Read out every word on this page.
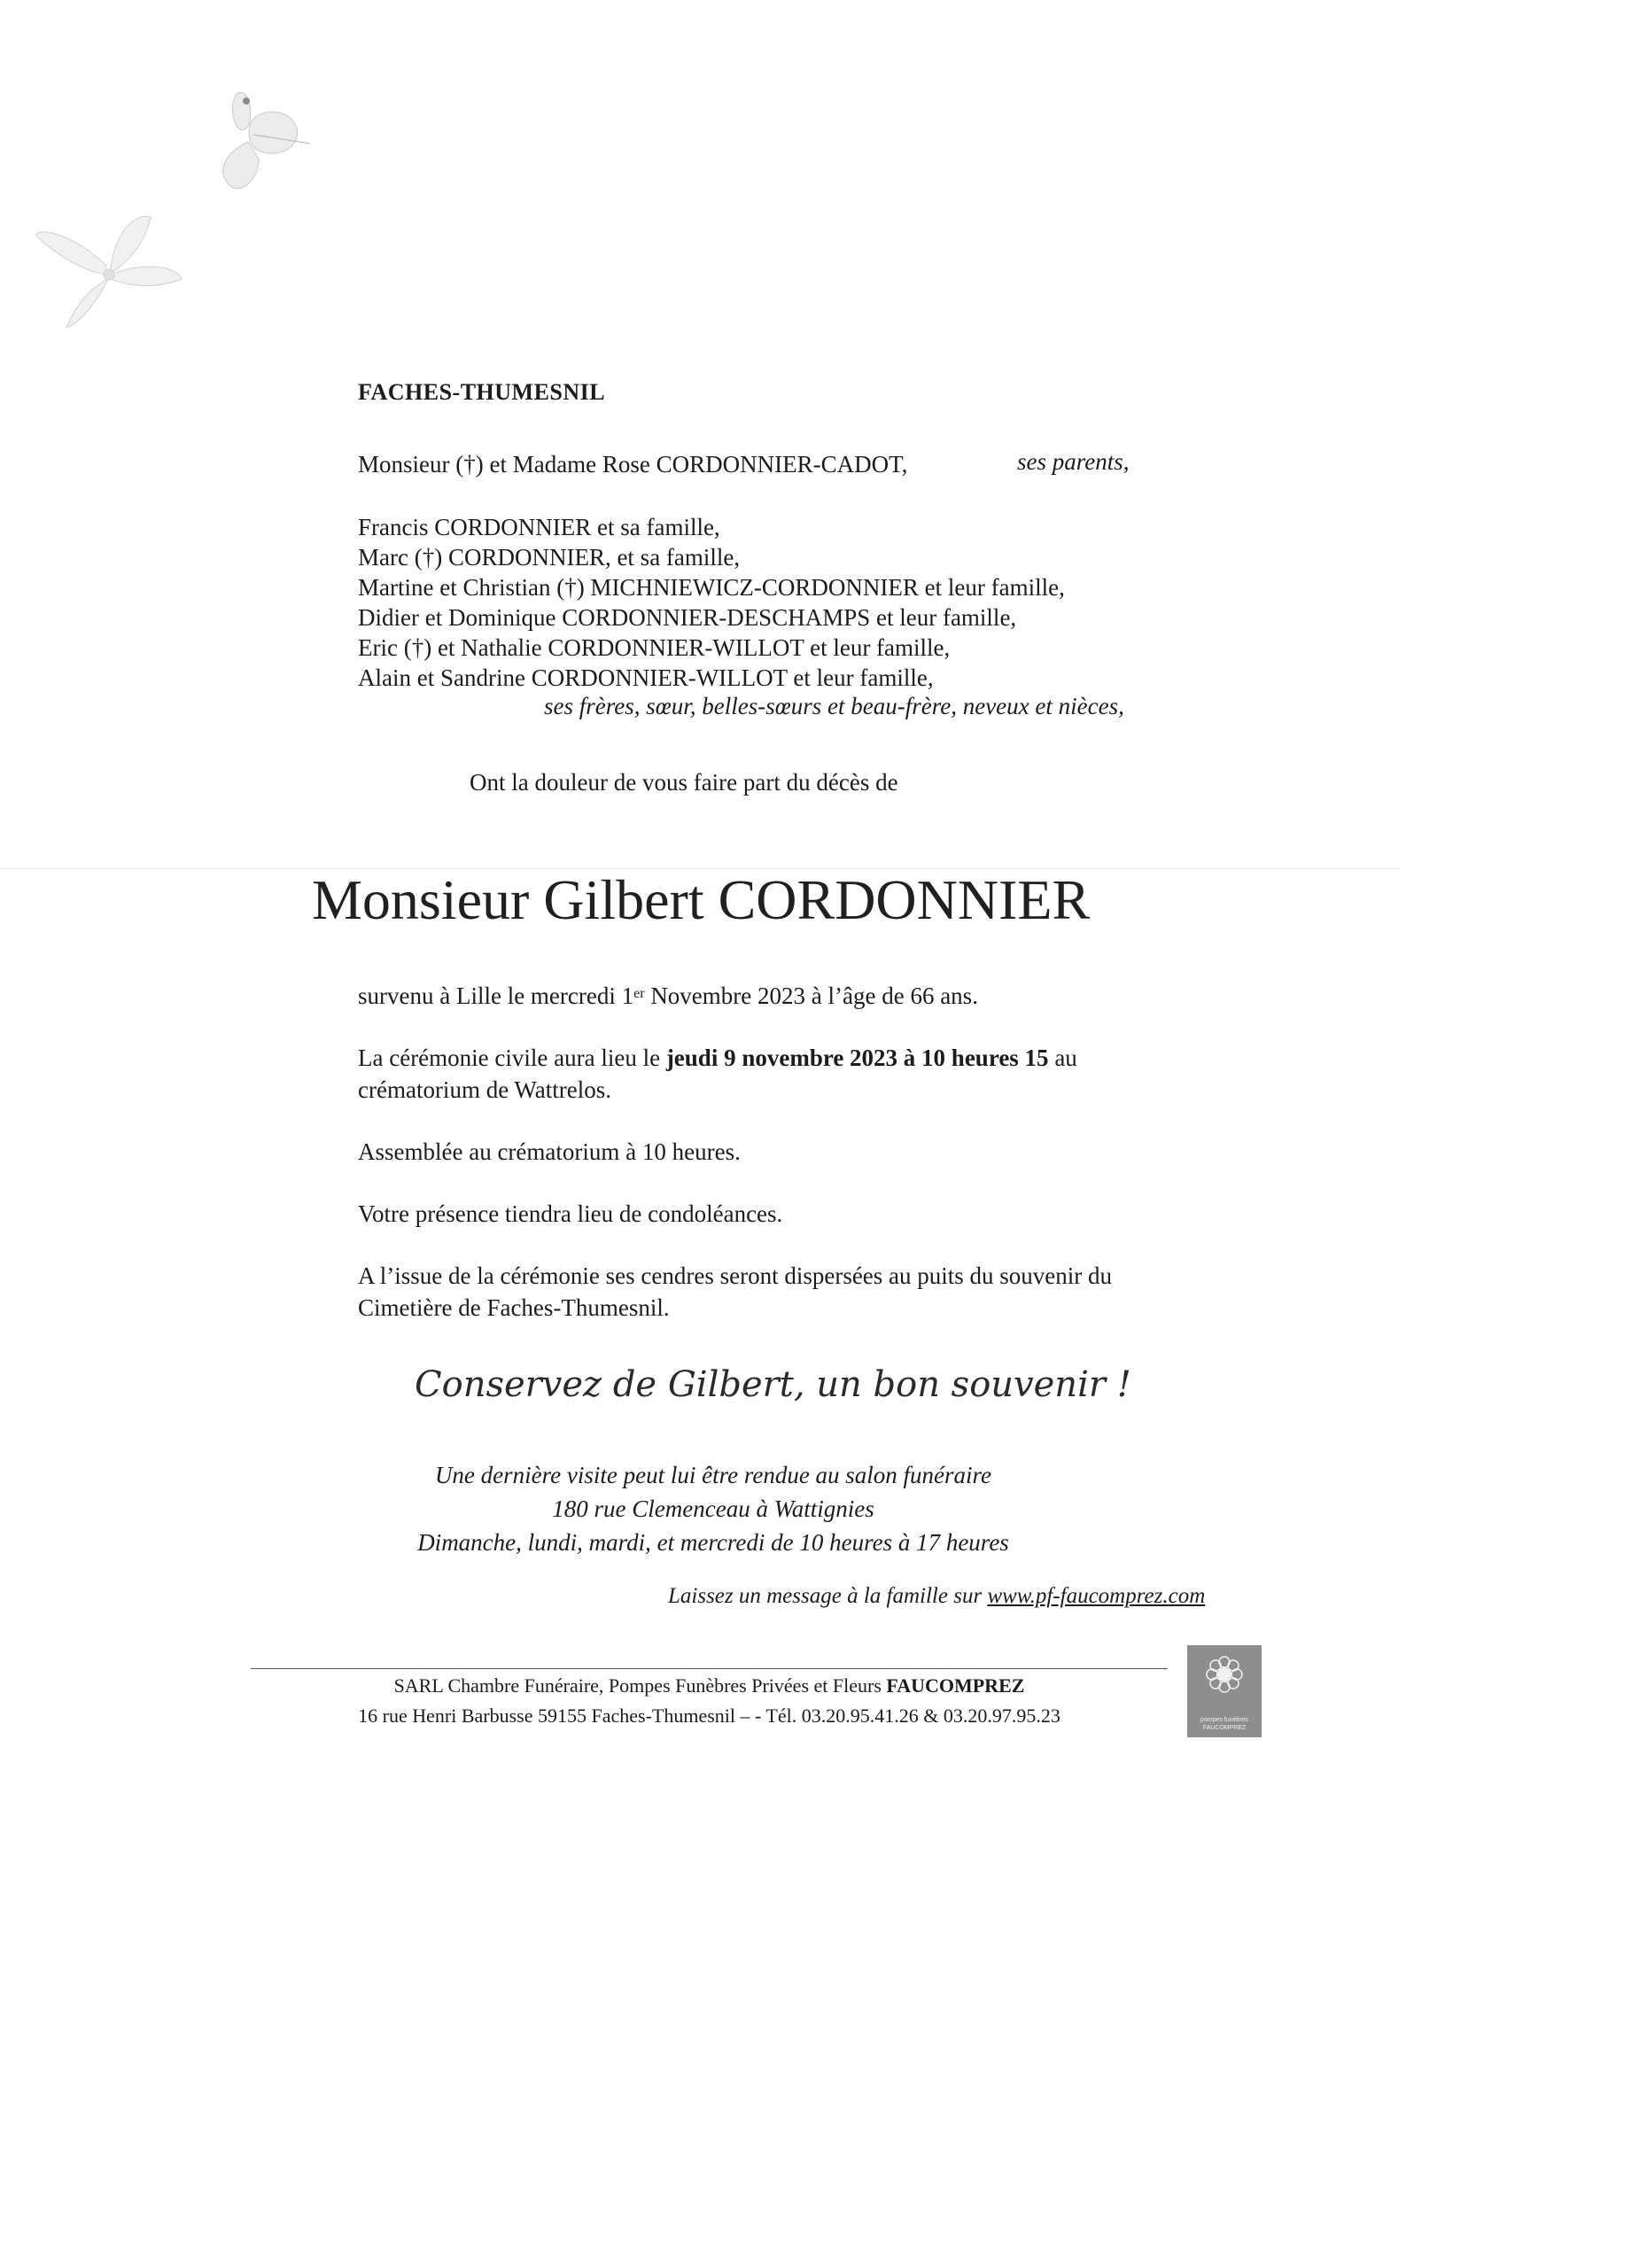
FACHES-THUMESNIL
Monsieur (†) et Madame Rose CORDONNIER-CADOT,	ses parents,
Francis CORDONNIER et sa famille,
Marc (†) CORDONNIER, et sa famille,
Martine et Christian (†) MICHNIEWICZ-CORDONNIER et leur famille,
Didier et Dominique CORDONNIER-DESCHAMPS et leur famille,
Eric (†) et Nathalie CORDONNIER-WILLOT et leur famille,
Alain et Sandrine CORDONNIER-WILLOT et leur famille,
ses frères, sœur, belles-sœurs et beau-frère, neveux et nièces,
Ont la douleur de vous faire part du décès de
Monsieur Gilbert CORDONNIER
survenu à Lille le mercredi 1er Novembre 2023 à l’âge de 66 ans.
La cérémonie civile aura lieu le jeudi 9 novembre 2023 à 10 heures 15 au
crématorium de Wattrelos.
Assemblée au crématorium à 10 heures.
Votre présence tiendra lieu de condoléances.
A l’issue de la cérémonie ses cendres seront dispersées au puits du souvenir du
Cimetière de Faches-Thumesnil.
Conservez de Gilbert, un bon souvenir !
Une dernière visite peut lui être rendue au salon funéraire
180 rue Clemenceau à Wattignies
Dimanche, lundi, mardi, et mercredi de 10 heures à 17 heures
Laissez un message à la famille sur www.pf-faucomprez.com
SARL Chambre Funéraire, Pompes Funèbres Privées et Fleurs FAUCOMPREZ
16 rue Henri Barbusse 59155 Faches-Thumesnil – - Tél. 03.20.95.41.26 & 03.20.97.95.23	pompes funèbres
FAUCOMPREZ
